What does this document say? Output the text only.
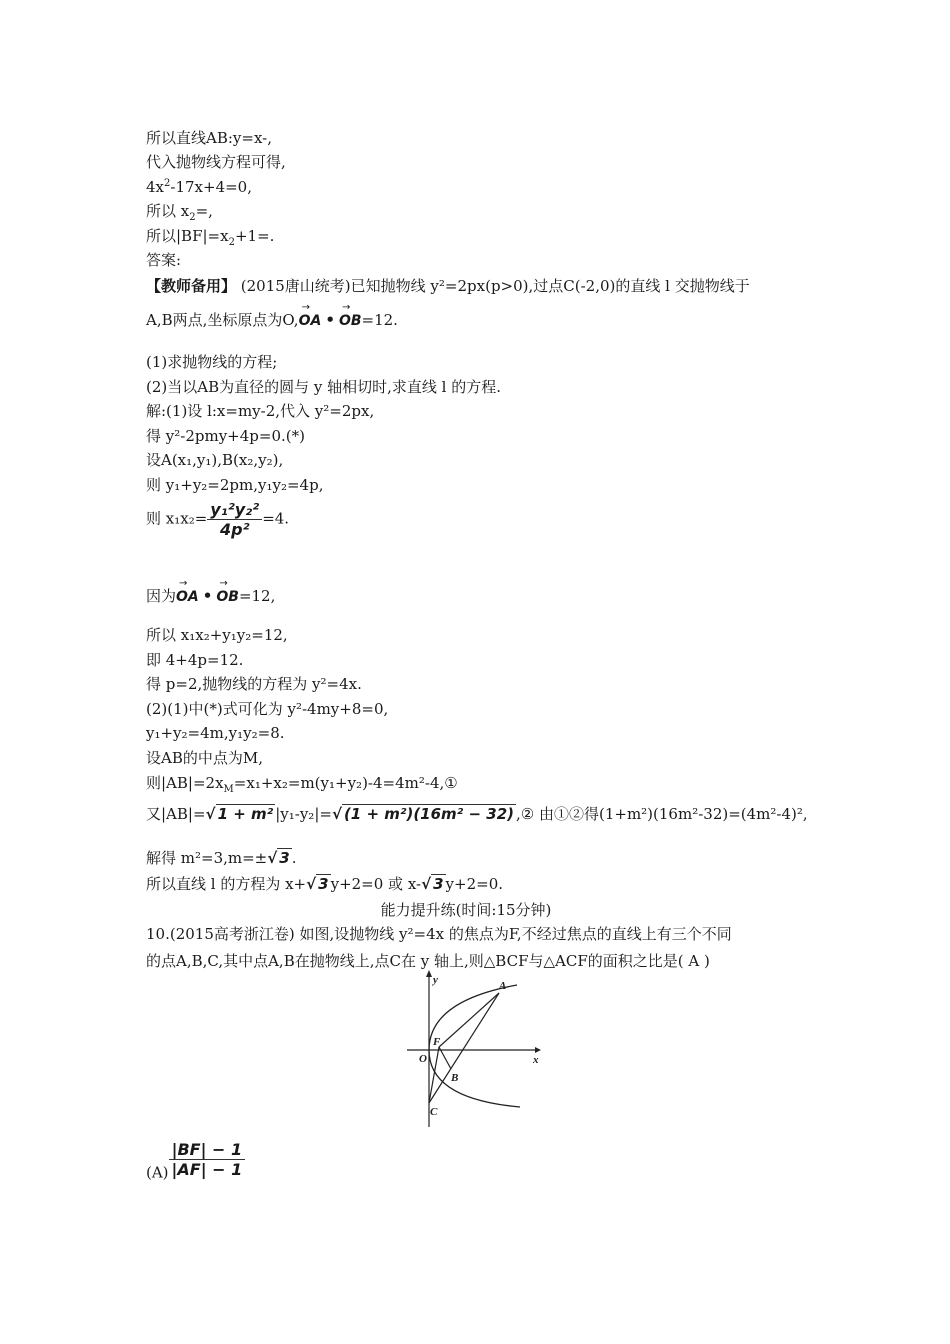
所以直线AB:y=x-,
代入抛物线方程可得,
$4x^2-17x+4=0$,
所以 $x_2=$,
所以$|BF|=x_2+1=$.
答案:
【教师备用】 (2015唐山统考)已知抛物线 y²=2px(p>0),过点C(-2,0)的直线 l 交抛物线于
A,B两点,坐标原点为O,→ OA • → OB=12.
(1)求抛物线的方程;
(2)当以AB为直径的圆与 y 轴相切时,求直线 l 的方程.
解:(1)设 l:x=my-2,代入 y²=2px,
得 y²-2pmy+4p=0.(*)
设A(x₁,y₁),B(x₂,y₂),
则 y₁+y₂=2pm,y₁y₂=4p,
则 $x_1x_2= \frac{\text{y₁²y₂²}}{\text{4p²}} =4$.
因为→ OA • → OB=12,
所以 x₁x₂+y₁y₂=12,
即 4+4p=12.
得 p=2,抛物线的方程为 y²=4x.
(2)(1)中(*)式可化为 y²-4my+8=0,
y₁+y₂=4m,y₁y₂=8.
设AB的中点为M,
则$|AB|=2x_M=x_1+x_2=m(y_1+y_2)-4=4m^2-4,①$
又|AB|=√ 1 + m² |y₁-y₂|=√ (1 + m²)(16m² − 32) ,② 由①②得(1+m²)(16m²-32)=(4m²-4)²,
解得 m²=3,m=±√ 3 .
所以直线 l 的方程为 x+√ 3 y+2=0 或 x-√ 3 y+2=0.
能力提升练(时间:15分钟)
10.(2015高考浙江卷) 如图,设抛物线 y²=4x 的焦点为F,不经过焦点的直线上有三个不同
的点A,B,C,其中点A,B在抛物线上,点C在 y 轴上,则△BCF与△ACF的面积之比是( A )
$(A) \frac{|BF| - 1}{|AF| - 1}$
y
x
O
F
A
B
C
